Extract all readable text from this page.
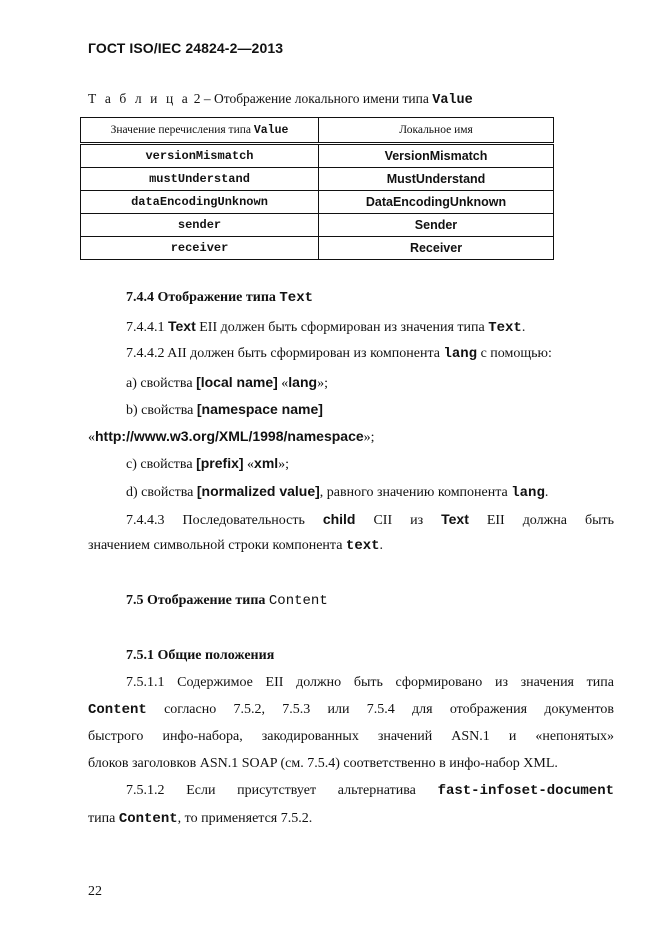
ГОСТ ISO/IEC 24824-2—2013
Т а б л и ц а 2 – Отображение локального имени типа Value
Значение перечисления типа Value	Локальное имя
versionMismatch	VersionMismatch
mustUnderstand	MustUnderstand
dataEncodingUnknown	DataEncodingUnknown
sender	Sender
receiver	Receiver
7.4.4 Отображение типа Text
7.4.4.1 Text EII должен быть сформирован из значения типа Text.
7.4.4.2 AII должен быть сформирован из компонента lang с помощью:
a) свойства [local name] «lang»;
b) свойства [namespace name]
«http://www.w3.org/XML/1998/namespace»;
c) свойства [prefix] «xml»;
d) свойства [normalized value], равного значению компонента lang.
7.4.4.3 Последовательность child CII из Text EII должна быть
значением символьной строки компонента text.
7.5 Отображение типа Content
7.5.1 Общие положения
7.5.1.1 Содержимое EII должно быть сформировано из значения типа
Content согласно 7.5.2, 7.5.3 или 7.5.4 для отображения документов
быстрого инфо-набора, закодированных значений ASN.1 и «непонятых»
блоков заголовков ASN.1 SOAP (см. 7.5.4) соответственно в инфо-набор XML.
7.5.1.2 Если присутствует альтернатива fast-infoset-document
типа Content, то применяется 7.5.2.
22
